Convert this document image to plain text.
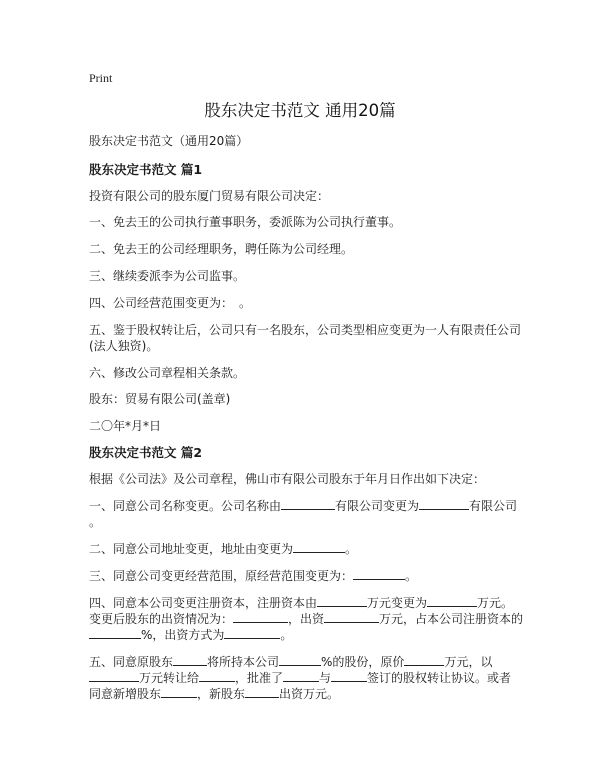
Print
股东决定书范文 通用20篇
股东决定书范文（通用20篇）
股东决定书范文 篇1
投资有限公司的股东厦门贸易有限公司决定：
一、免去王的公司执行董事职务，委派陈为公司执行董事。
二、免去王的公司经理职务，聘任陈为公司经理。
三、继续委派李为公司监事。
四、公司经营范围变更为：　。
五、鉴于股权转让后，公司只有一名股东，公司类型相应变更为一人有限责任公司
(法人独资)。
六、修改公司章程相关条款。
股东：贸易有限公司(盖章)
二〇年*月*日
股东决定书范文 篇2
根据《公司法》及公司章程，佛山市有限公司股东于年月日作出如下决定：
一、同意公司名称变更。公司名称由	有限公司变更为	有限公司
。
二、同意公司地址变更，地址由变更为	。
三、同意公司变更经营范围，原经营范围变更为：	。
四、同意本公司变更注册资本，注册资本由	万元变更为	万元。
变更后股东的出资情况为：	，出资	万元，占本公司注册资本的
%，出资方式为	。
五、同意原股东	将所持本公司	%的股份，原价	万元，以
万元转让给	，批准了	与	签订的股权转让协议。或者
同意新增股东	，新股东	出资万元。
